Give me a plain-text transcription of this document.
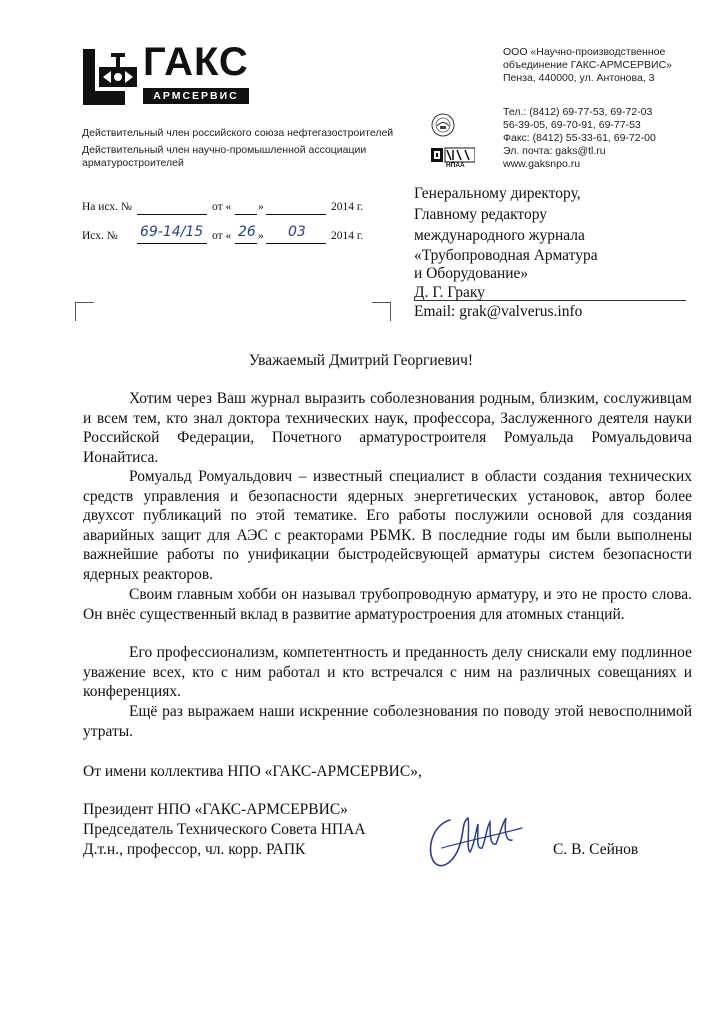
ГАКС
АРМСЕРВИС
Действительный член российского союза нефтегазостроителей
Действительный член научно-промышленной ассоциации
арматуростроителей
ООО «Научно-производственное
объединение ГАКС-АРМСЕРВИС»
Пенза, 440000, ул. Антонова, 3
Тел.: (8412) 69-77-53, 69-72-03
56-39-05, 69-70-91, 69-77-53
Факс: (8412) 55-33-61, 69-72-00
Эл. почта: gaks@tl.ru
www.gaksnpo.ru
НПАА
На исх. №	от « »	2014 г.
Исх. № 69-14/15 от « 26 » 03 2014 г.
Генеральному директору,
Главному редактору
международного журнала
«Трубопроводная Арматура
и Оборудование»
Д. Г. Граку
Email: grak@valverus.info
Уважаемый Дмитрий Георгиевич!

Хотим через Ваш журнал выразить соболезнования родным, близким, сослуживцам и всем тем, кто знал доктора технических наук, профессора, Заслуженного деятеля науки Российской Федерации, Почетного арматуростроителя Ромуальда Ромуальдовича Ионайтиса.

Ромуальд Ромуальдович – известный специалист в области создания технических средств управления и безопасности ядерных энергетических установок, автор более двухсот публикаций по этой тематике. Его работы послужили основой для создания аварийных защит для АЭС с реакторами РБМК. В последние годы им были выполнены важнейшие работы по унификации быстродейсвующей арматуры систем безопасности ядерных реакторов.

Своим главным хобби он называл трубопроводную арматуру, и это не просто слова. Он внёс существенный вклад в развитие арматуростроения для атомных станций.

Его профессионализм, компетентность и преданность делу снискали ему подлинное уважение всех, кто с ним работал и кто встречался с ним на различных совещаниях и конференциях.

Ещё раз выражаем наши искренние соболезнования по поводу этой невосполнимой утраты.

От имени коллектива НПО «ГАКС-АРМСЕРВИС»,
Президент НПО «ГАКС-АРМСЕРВИС»
Председатель Технического Совета НПАА
Д.т.н., профессор, чл. корр. РАПК	С. В. Сейнов
